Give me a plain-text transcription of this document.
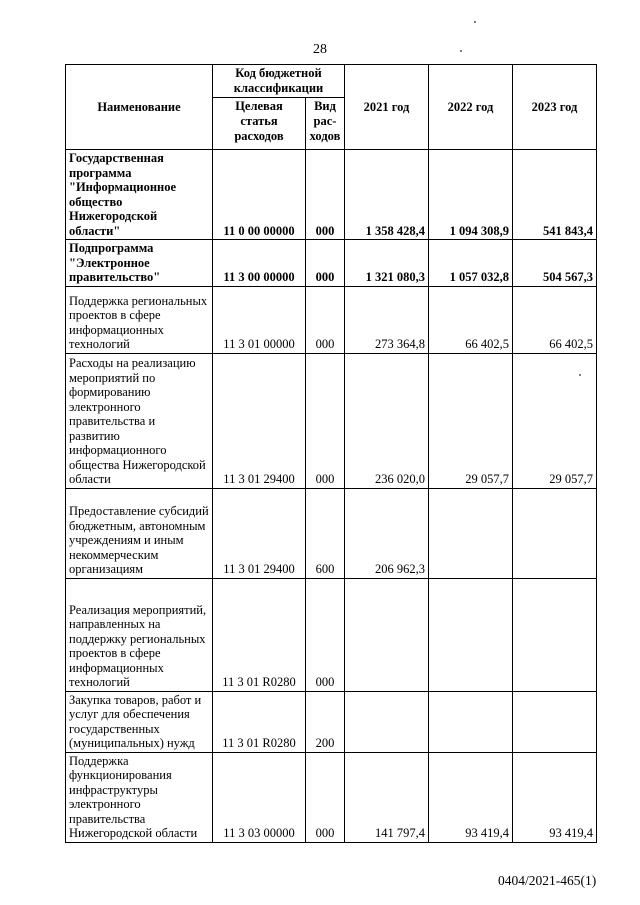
28
Наименование	Код бюджетной классификации		2021 год	2022 год	2023 год
	Целевая статья расходов	Вид рас-ходов			
Государственная программа "Информационное общество Нижегородской области"	11 0 00 00000	000	1 358 428,4	1 094 308,9	541 843,4
Подпрограмма "Электронное правительство"	11 3 00 00000	000	1 321 080,3	1 057 032,8	504 567,3
Поддержка региональных проектов в сфере информационных технологий	11 3 01 00000	000	273 364,8	66 402,5	66 402,5
Расходы на реализацию мероприятий по формированию электронного правительства и развитию информационного общества Нижегородской области	11 3 01 29400	000	236 020,0	29 057,7	29 057,7
Предоставление субсидий бюджетным, автономным учреждениям и иным некоммерческим организациям	11 3 01 29400	600	206 962,3		
Реализация мероприятий, направленных на поддержку региональных проектов в сфере информационных технологий	11 3 01 R0280	000			
Закупка товаров, работ и услуг для обеспечения государственных (муниципальных) нужд	11 3 01 R0280	200			
Поддержка функционирования инфраструктуры электронного правительства Нижегородской области	11 3 03 00000	000	141 797,4	93 419,4	93 419,4
0404/2021-465(1)
